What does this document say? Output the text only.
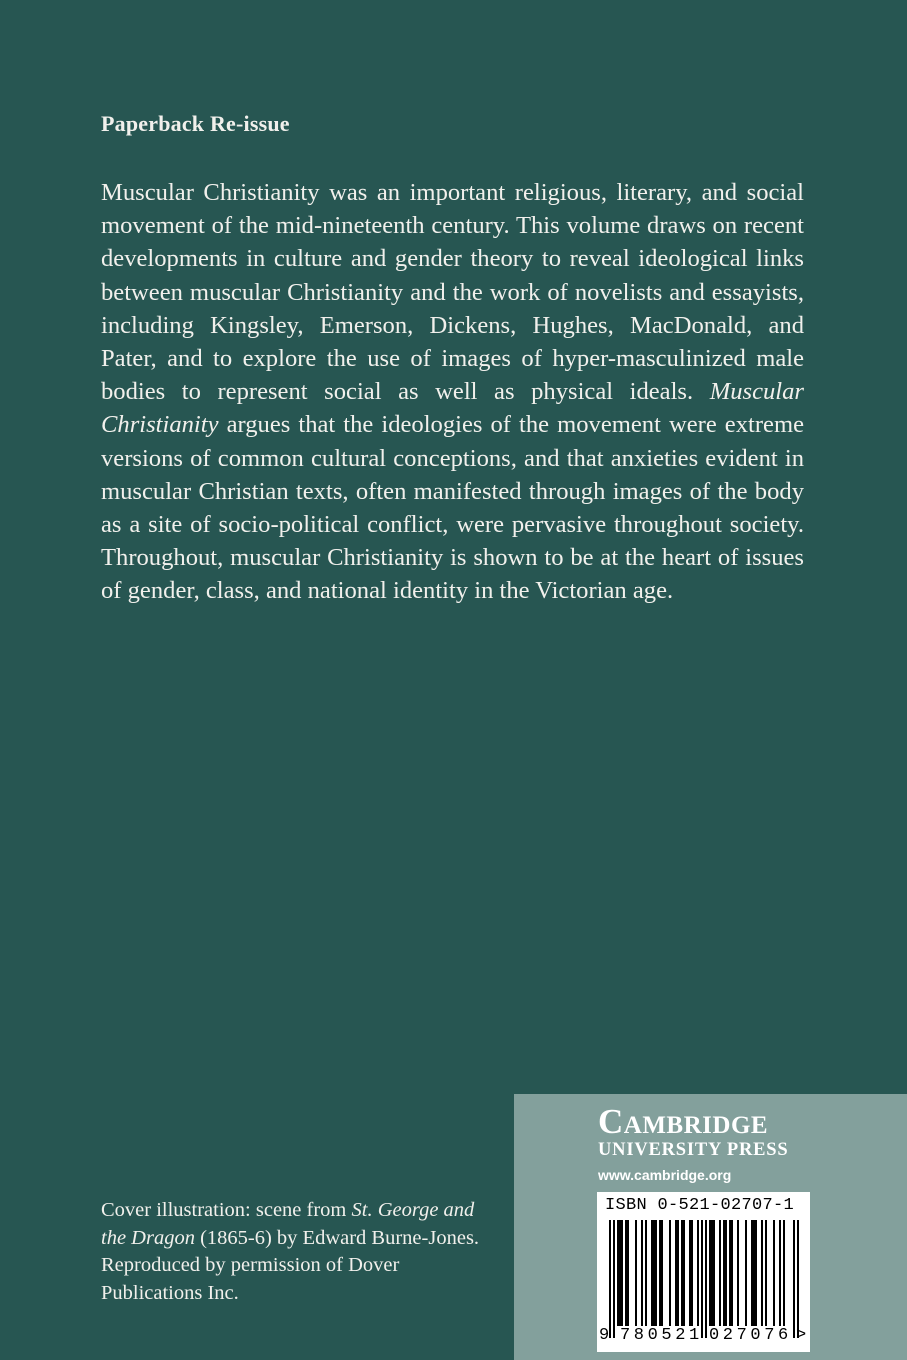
Paperback Re-issue

Muscular Christianity was an important religious, literary, and social movement of the mid-nineteenth century. This volume draws on recent developments in culture and gender theory to reveal ideological links between muscular Christianity and the work of novelists and essayists, including Kingsley, Emerson, Dickens, Hughes, MacDonald, and Pater, and to explore the use of images of hyper-masculinized male bodies to represent social as well as physical ideals. Muscular Christianity argues that the ideologies of the movement were extreme versions of common cultural conceptions, and that anxieties evident in muscular Christian texts, often manifested through images of the body as a site of socio-political conflict, were pervasive throughout society. Throughout, muscular Christianity is shown to be at the heart of issues of gender, class, and national identity in the Victorian age.

Cover illustration: scene from St. George and the Dragon (1865-6) by Edward Burne-Jones. Reproduced by permission of Dover Publications Inc.

Cambridge
UNIVERSITY PRESS
www.cambridge.org
ISBN 0-521-02707-1
9 780521 027076 >
